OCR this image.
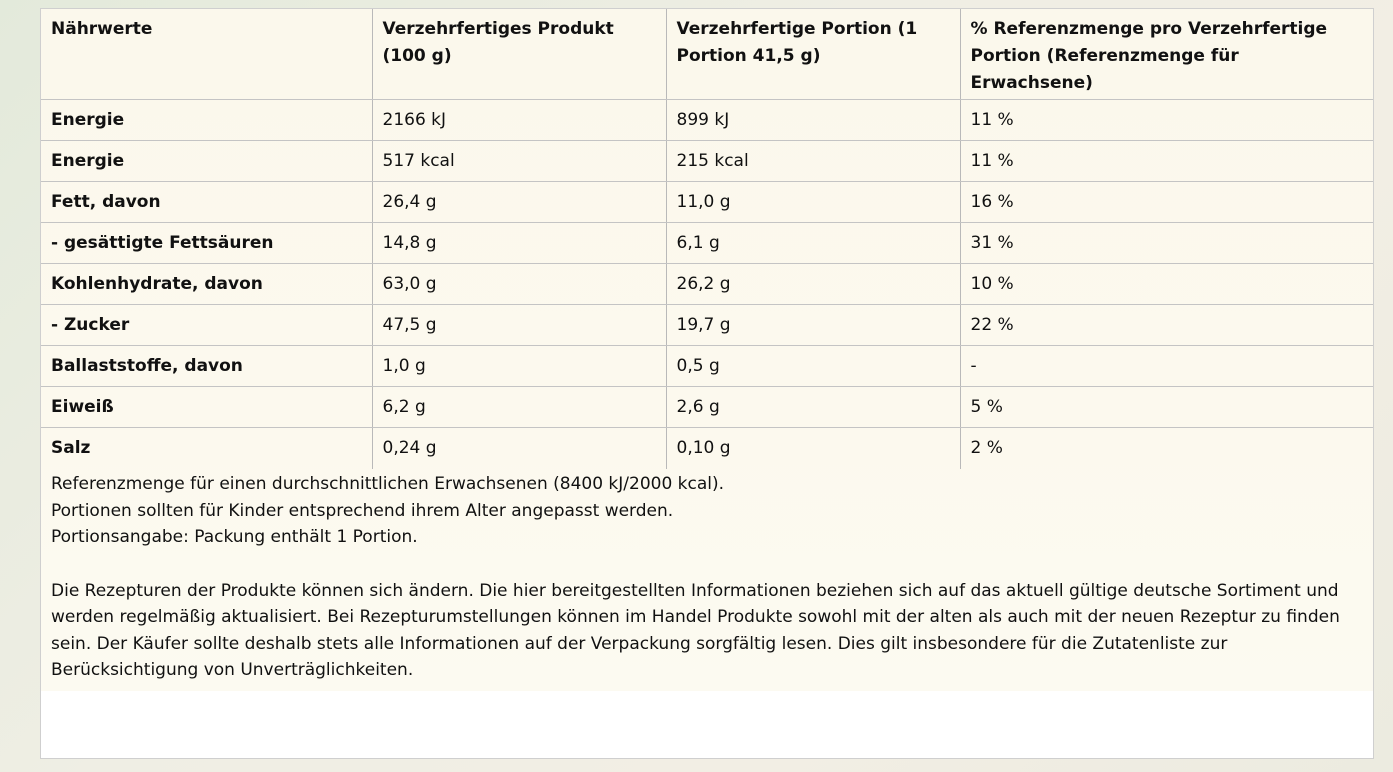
Nährwerte	Verzehrfertiges Produkt (100 g)	Verzehrfertige Portion (1 Portion 41,5 g)	% Referenzmenge pro Verzehrfertige Portion (Referenzmenge für Erwachsene)
Energie	2166 kJ	899 kJ	11 %
Energie	517 kcal	215 kcal	11 %
Fett, davon	26,4 g	11,0 g	16 %
- gesättigte Fettsäuren	14,8 g	6,1 g	31 %
Kohlenhydrate, davon	63,0 g	26,2 g	10 %
- Zucker	47,5 g	19,7 g	22 %
Ballaststoffe, davon	1,0 g	0,5 g	-
Eiweiß	6,2 g	2,6 g	5 %
Salz	0,24 g	0,10 g	2 %

Referenzmenge für einen durchschnittlichen Erwachsenen (8400 kJ/2000 kcal).

Portionen sollten für Kinder entsprechend ihrem Alter angepasst werden.

Portionsangabe: Packung enthält 1 Portion.

Die Rezepturen der Produkte können sich ändern. Die hier bereitgestellten Informationen beziehen sich auf das aktuell gültige deutsche Sortiment und werden regelmäßig aktualisiert. Bei Rezepturumstellungen können im Handel Produkte sowohl mit der alten als auch mit der neuen Rezeptur zu finden sein. Der Käufer sollte deshalb stets alle Informationen auf der Verpackung sorgfältig lesen. Dies gilt insbesondere für die Zutatenliste zur Berücksichtigung von Unverträglichkeiten.
